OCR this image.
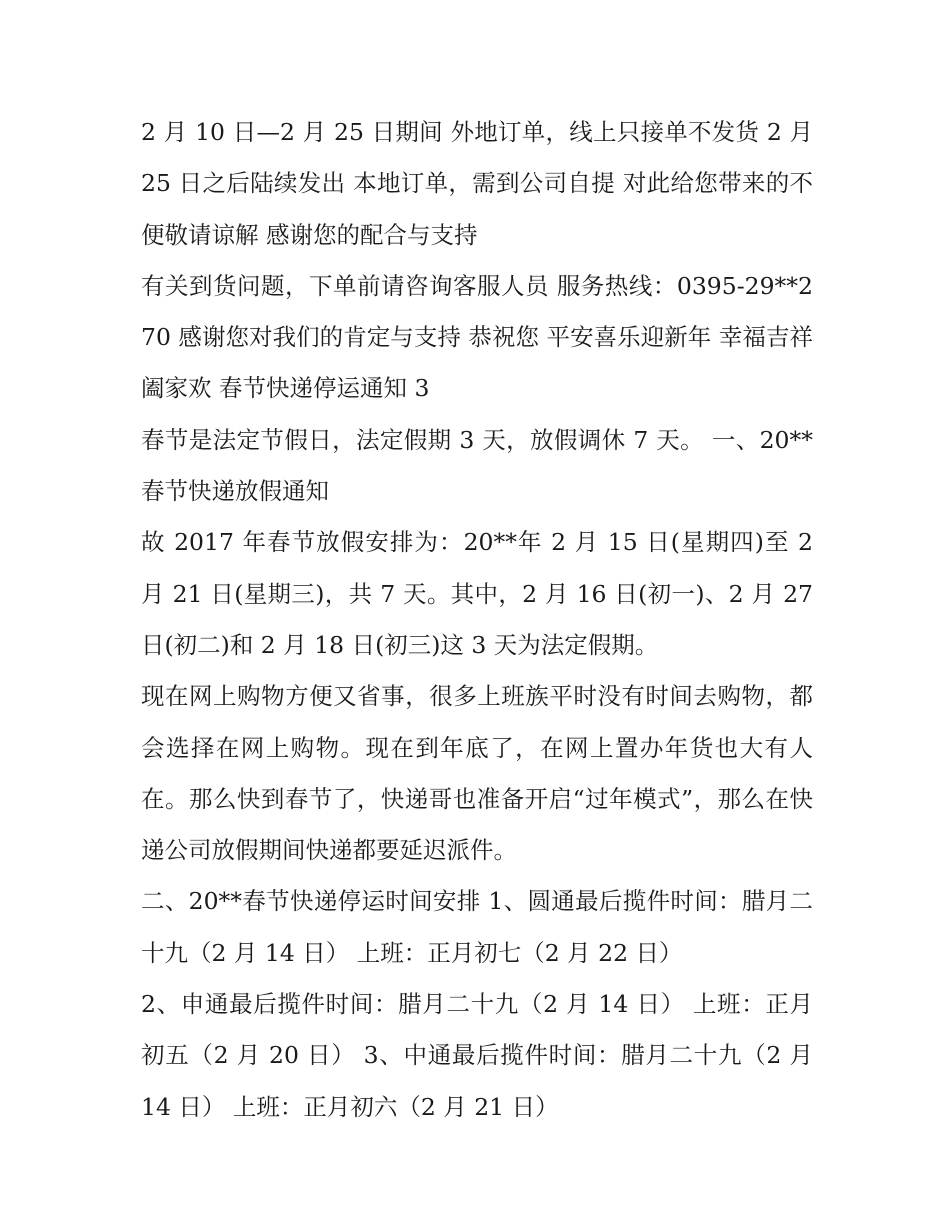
2 月 10 日—2 月 25 日期间 外地订单，线上只接单不发货 2 月 25 日之后陆续发出 本地订单，需到公司自提 对此给您带来的不便敬请谅解 感谢您的配合与支持

有关到货问题，下单前请咨询客服人员 服务热线：0395-29**270 感谢您对我们的肯定与支持 恭祝您 平安喜乐迎新年 幸福吉祥阖家欢 春节快递停运通知 3

春节是法定节假日，法定假期 3 天，放假调休 7 天。 一、20**春节快递放假通知

故 2017 年春节放假安排为：20**年 2 月 15 日(星期四)至 2 月 21 日(星期三)，共 7 天。其中，2 月 16 日(初一)、2 月 27 日(初二)和 2 月 18 日(初三)这 3 天为法定假期。

现在网上购物方便又省事，很多上班族平时没有时间去购物，都会选择在网上购物。现在到年底了，在网上置办年货也大有人在。那么快到春节了，快递哥也准备开启“过年模式”，那么在快递公司放假期间快递都要延迟派件。

二、20**春节快递停运时间安排 1、圆通最后揽件时间：腊月二十九（2 月 14 日） 上班：正月初七（2 月 22 日）

2、申通最后揽件时间：腊月二十九（2 月 14 日） 上班：正月初五（2 月 20 日） 3、中通最后揽件时间：腊月二十九（2 月 14 日） 上班：正月初六（2 月 21 日）
